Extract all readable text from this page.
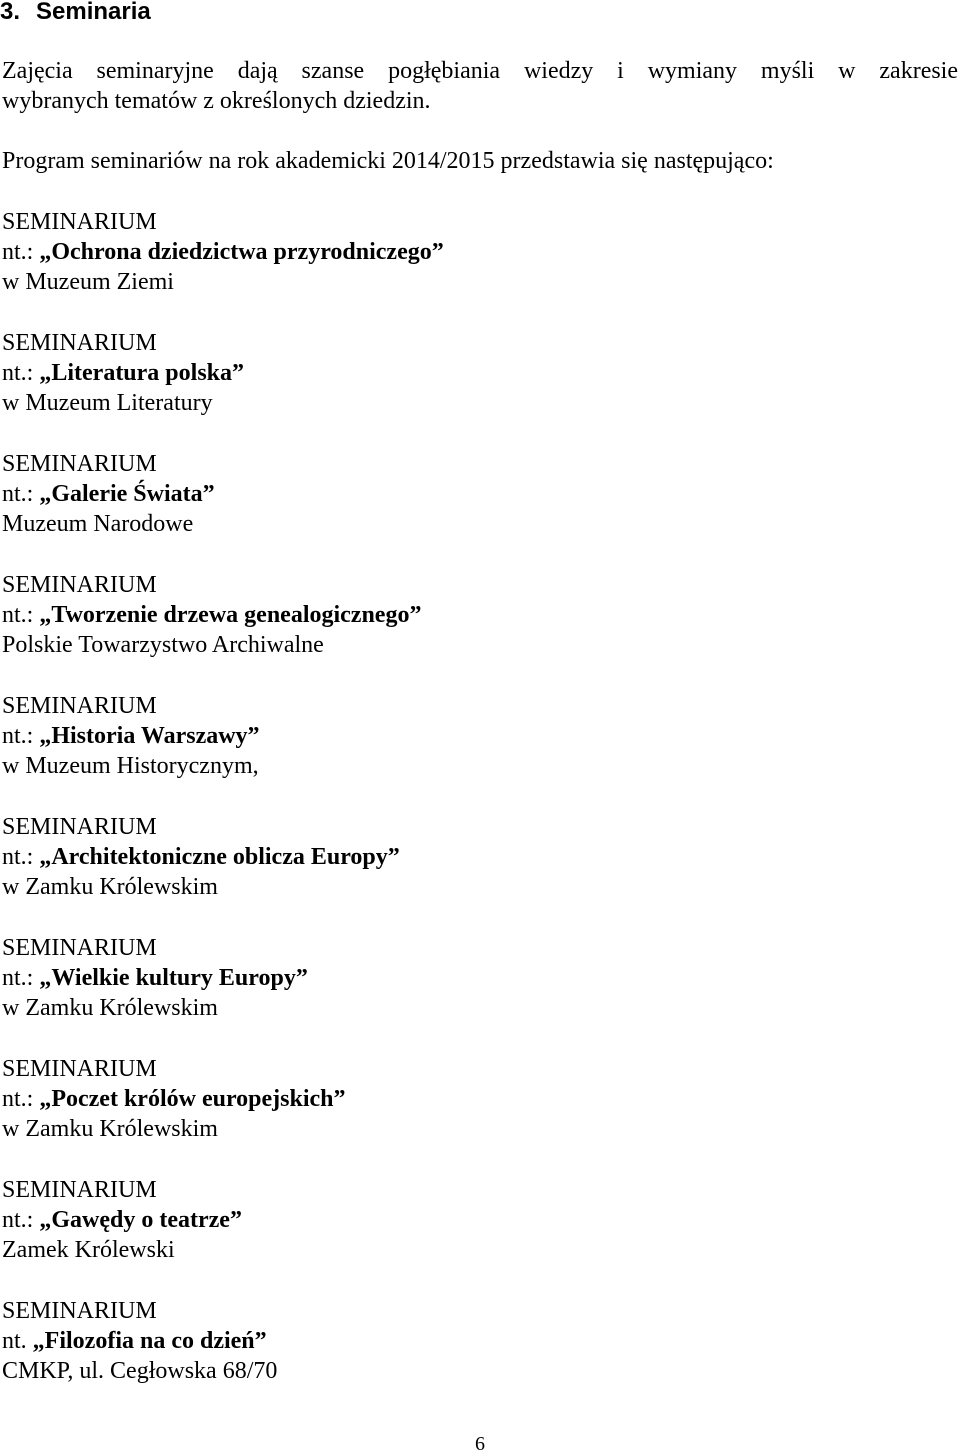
3. Seminaria
Zajęcia seminaryjne dają szanse pogłębiania wiedzy i wymiany myśli w zakresie
wybranych tematów z określonych dziedzin.
Program seminariów na rok akademicki 2014/2015 przedstawia się następująco:
SEMINARIUM
nt.: „Ochrona dziedzictwa przyrodniczego”
w Muzeum Ziemi
SEMINARIUM
nt.: „Literatura polska”
w Muzeum Literatury
SEMINARIUM
nt.: „Galerie Świata”
Muzeum Narodowe
SEMINARIUM
nt.: „Tworzenie drzewa genealogicznego”
Polskie Towarzystwo Archiwalne
SEMINARIUM
nt.: „Historia Warszawy”
w Muzeum Historycznym,
SEMINARIUM
nt.: „Architektoniczne oblicza Europy”
w Zamku Królewskim
SEMINARIUM
nt.: „Wielkie kultury Europy”
w Zamku Królewskim
SEMINARIUM
nt.: „Poczet królów europejskich”
w Zamku Królewskim
SEMINARIUM
nt.: „Gawędy o teatrze”
Zamek Królewski
SEMINARIUM
nt. „Filozofia na co dzień”
CMKP, ul. Cegłowska 68/70
6
